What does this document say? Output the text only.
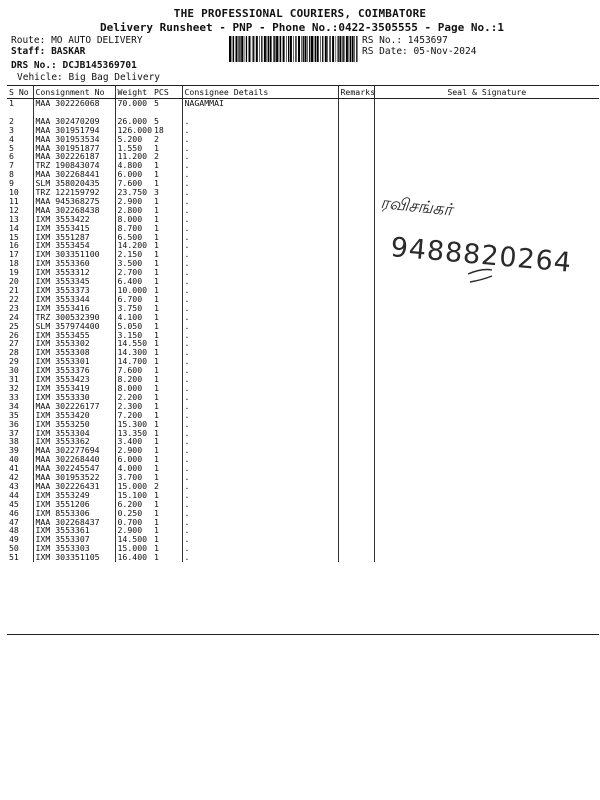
THE PROFESSIONAL COURIERS, COIMBATORE
Delivery Runsheet - PNP - Phone No.:0422-3505555 - Page No.:1
Route: MO AUTO DELIVERY
Staff: BASKAR
DRS No.: DCJB145369701
Vehicle: Big Bag Delivery
RS No.: 1453697
RS Date: 05-Nov-2024
S No	Consignment No	Weight	PCS	Consignee Details	Remarks	Seal & Signature
1	MAA 302226068	70.000	5	NAGAMMAI		

2	MAA 302470209	26.000	5	.		
3	MAA 301951794	126.000	18	.		
4	MAA 301953534	5.200	2	.		
5	MAA 301951877	1.550	1	.		
6	MAA 302226187	11.200	2	.		
7	TRZ 190843074	4.800	1	.		
8	MAA 302268441	6.000	1	.		
9	SLM 358020435	7.600	1	.		
10	TRZ 122159792	23.750	3	.		
11	MAA 945368275	2.900	1	.		
12	MAA 302268438	2.800	1	.		
13	IXM 3553422	8.000	1	.		
14	IXM 3553415	8.700	1	.		
15	IXM 3551287	6.500	1	.		
16	IXM 3553454	14.200	1	.		
17	IXM 303351100	2.150	1	.		
18	IXM 3553360	3.500	1	.		
19	IXM 3553312	2.700	1	.		
20	IXM 3553345	6.400	1	.		
21	IXM 3553373	10.000	1	.		
22	IXM 3553344	6.700	1	.		
23	IXM 3553416	3.750	1	.		
24	TRZ 300532390	4.100	1	.		
25	SLM 357974400	5.050	1	.		
26	IXM 3553455	3.150	1	.		
27	IXM 3553302	14.550	1	.		
28	IXM 3553308	14.300	1	.		
29	IXM 3553301	14.700	1	.		
30	IXM 3553376	7.600	1	.		
31	IXM 3553423	8.200	1	.		
32	IXM 3553419	8.000	1	.		
33	IXM 3553330	2.200	1	.		
34	MAA 302226177	2.300	1	.		
35	IXM 3553420	7.200	1	.		
36	IXM 3553250	15.300	1	.		
37	IXM 3553304	13.350	1	.		
38	IXM 3553362	3.400	1	.		
39	MAA 302277694	2.900	1	.		
40	MAA 302268440	6.000	1	.		
41	MAA 302245547	4.000	1	.		
42	MAA 301953522	3.700	1	.		
43	MAA 302226431	15.000	2	.		
44	IXM 3553249	15.100	1	.		
45	IXM 3551206	6.200	1	.		
46	IXM 8553306	0.250	1	.		
47	MAA 302268437	0.700	1	.		
48	IXM 3553361	2.900	1	.		
49	IXM 3553307	14.500	1	.		
50	IXM 3553303	15.000	1	.		
51	IXM 303351105	16.400	1	.		
ரவிசங்கர்
9488820264
